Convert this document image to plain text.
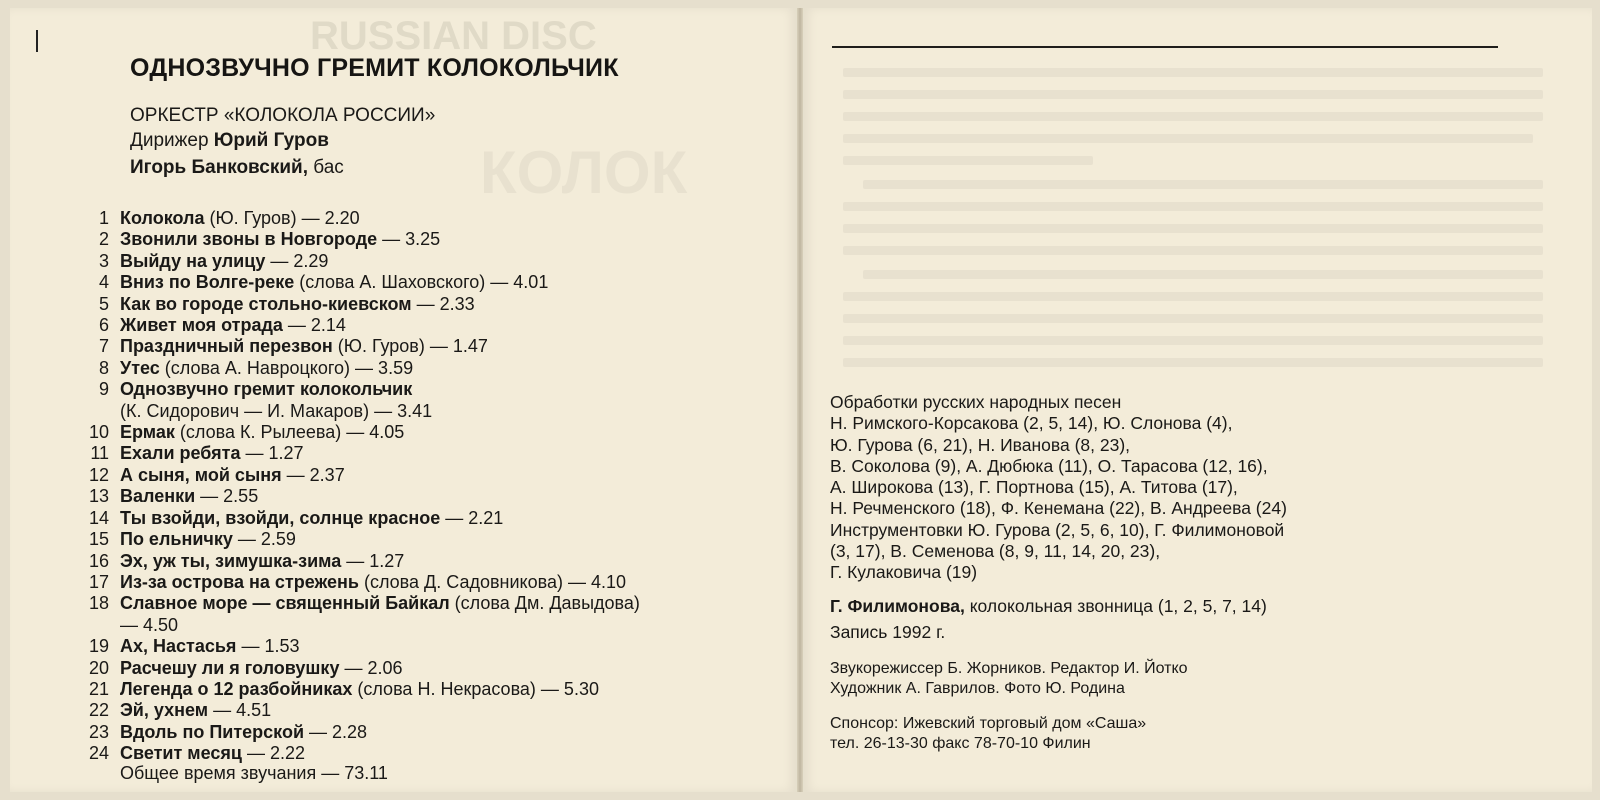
RUSSIAN DISC
КОЛОК
ОДНОЗВУЧНО ГРЕМИТ КОЛОКОЛЬЧИК
ОРКЕСТР «КОЛОКОЛА РОССИИ»
Дирижер Юрий Гуров
Игорь Банковский, бас
1 Колокола (Ю. Гуров) — 2.20
2 Звонили звоны в Новгороде — 3.25
3 Выйду на улицу — 2.29
4 Вниз по Волге-реке (слова А. Шаховского) — 4.01
5 Как во городе стольно-киевском — 2.33
6 Живет моя отрада — 2.14
7 Праздничный перезвон (Ю. Гуров) — 1.47
8 Утес (слова А. Навроцкого) — 3.59
9 Однозвучно гремит колокольчик
(К. Сидорович — И. Макаров) — 3.41
10 Ермак (слова К. Рылеева) — 4.05
11 Ехали ребята — 1.27
12 А сыня, мой сыня — 2.37
13 Валенки — 2.55
14 Ты взойди, взойди, солнце красное — 2.21
15 По ельничку — 2.59
16 Эх, уж ты, зимушка-зима — 1.27
17 Из-за острова на стрежень (слова Д. Садовникова) — 4.10
18 Славное море — священный Байкал (слова Дм. Давыдова)
— 4.50
19 Ах, Настасья — 1.53
20 Расчешу ли я головушку — 2.06
21 Легенда о 12 разбойниках (слова Н. Некрасова) — 5.30
22 Эй, ухнем — 4.51
23 Вдоль по Питерской — 2.28
24 Светит месяц — 2.22
Общее время звучания — 73.11
Обработки русских народных песен
Н. Римского-Корсакова (2, 5, 14), Ю. Слонова (4),
Ю. Гурова (6, 21), Н. Иванова (8, 23),
В. Соколова (9), А. Дюбюка (11), О. Тарасова (12, 16),
А. Широкова (13), Г. Портнова (15), А. Титова (17),
Н. Речменского (18), Ф. Кенемана (22), В. Андреева (24)
Инструментовки Ю. Гурова (2, 5, 6, 10), Г. Филимоновой
(3, 17), В. Семенова (8, 9, 11, 14, 20, 23),
Г. Кулаковича (19)
Г. Филимонова, колокольная звонница (1, 2, 5, 7, 14)
Запись 1992 г.
Звукорежиссер Б. Жорников. Редактор И. Йотко
Художник А. Гаврилов. Фото Ю. Родина
Спонсор: Ижевский торговый дом «Саша»
тел. 26-13-30 факс 78-70-10 Филин
